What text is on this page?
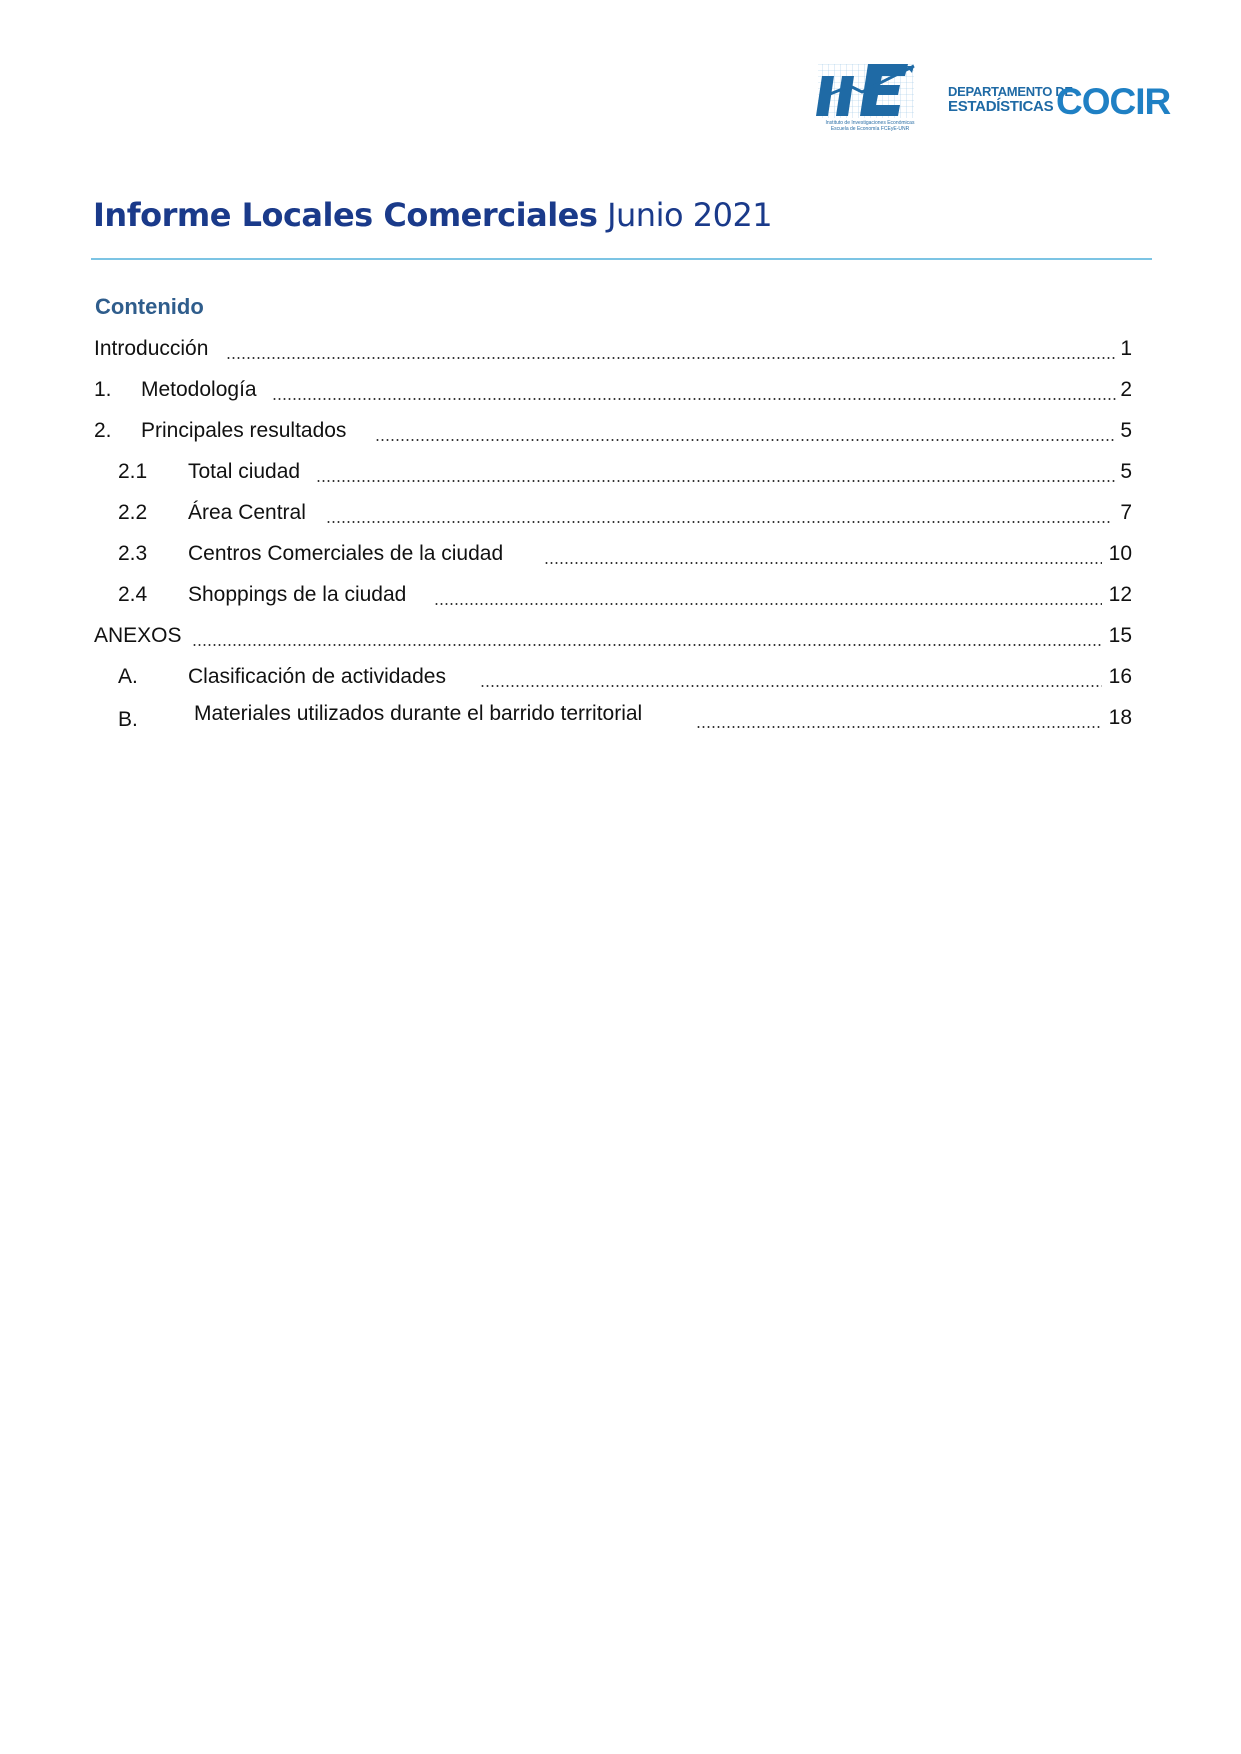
Instituto de Investigaciones Económicas
Escuela de Economía FCEyE-UNR
DEPARTAMENTO DE
ESTADÍSTICAS COCIR
Informe Locales Comerciales Junio 2021
Contenido
Introducción	1
1. Metodología	2
2. Principales resultados	5
2.1 Total ciudad	5
2.2 Área Central	7
2.3 Centros Comerciales de la ciudad	10
2.4 Shoppings de la ciudad	12
ANEXOS	15
A. Clasificación de actividades	16
B.	Materiales utilizados durante el barrido territorial	18
